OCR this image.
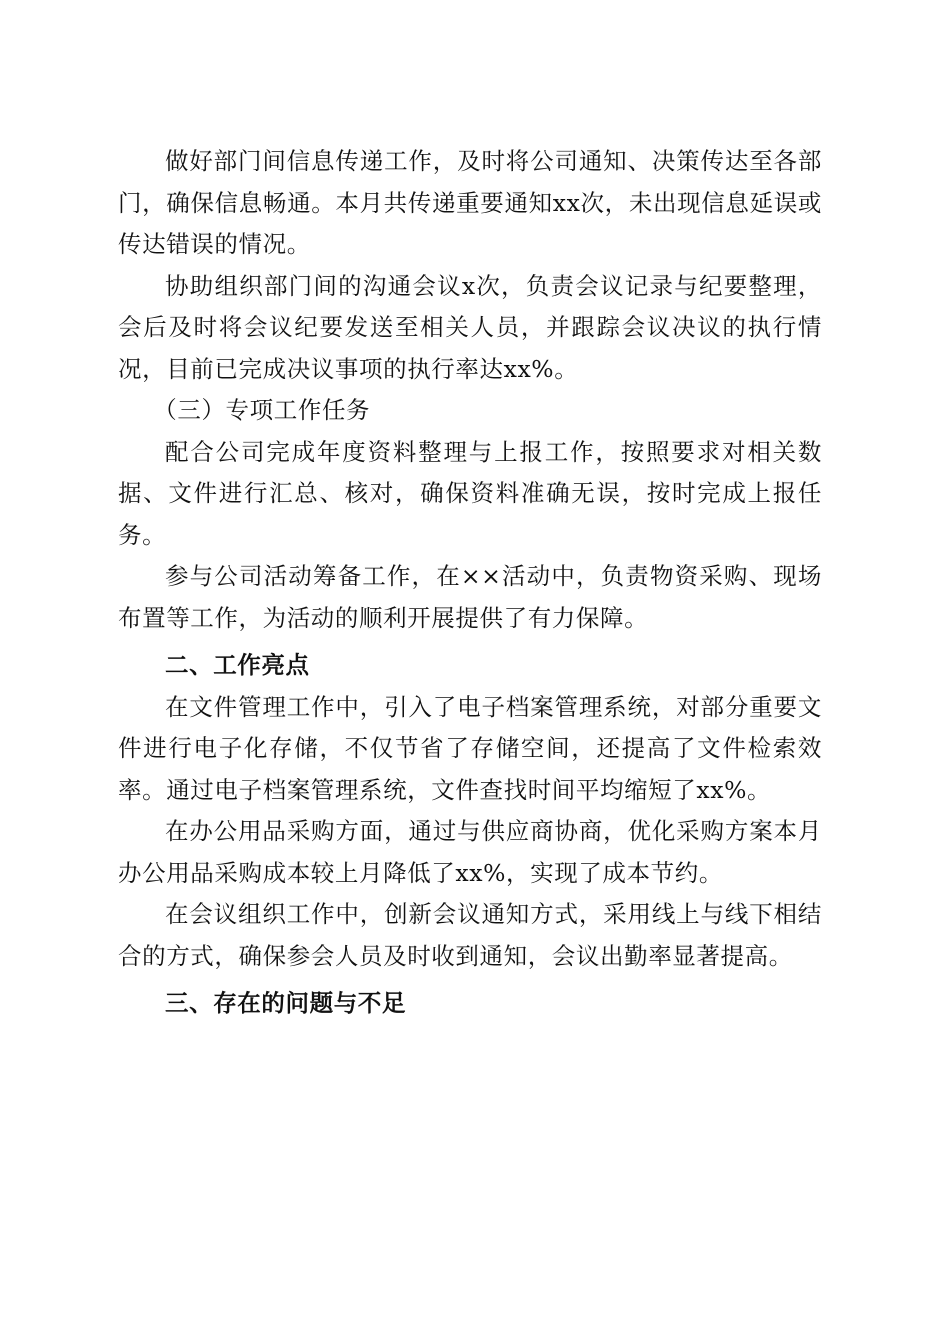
做好部门间信息传递工作，及时将公司通知、决策传达至各部门，确保信息畅通。本月共传递重要通知xx次，未出现信息延误或传达错误的情况。

协助组织部门间的沟通会议x次，负责会议记录与纪要整理，会后及时将会议纪要发送至相关人员，并跟踪会议决议的执行情况，目前已完成决议事项的执行率达xx%。

（三）专项工作任务

配合公司完成年度资料整理与上报工作，按照要求对相关数据、文件进行汇总、核对，确保资料准确无误，按时完成上报任务。

参与公司活动筹备工作，在××活动中，负责物资采购、现场布置等工作，为活动的顺利开展提供了有力保障。

二、工作亮点

在文件管理工作中，引入了电子档案管理系统，对部分重要文件进行电子化存储，不仅节省了存储空间，还提高了文件检索效率。通过电子档案管理系统，文件查找时间平均缩短了xx%。

在办公用品采购方面，通过与供应商协商，优化采购方案本月办公用品采购成本较上月降低了xx%，实现了成本节约。

在会议组织工作中，创新会议通知方式，采用线上与线下相结合的方式，确保参会人员及时收到通知，会议出勤率显著提高。

三、存在的问题与不足
